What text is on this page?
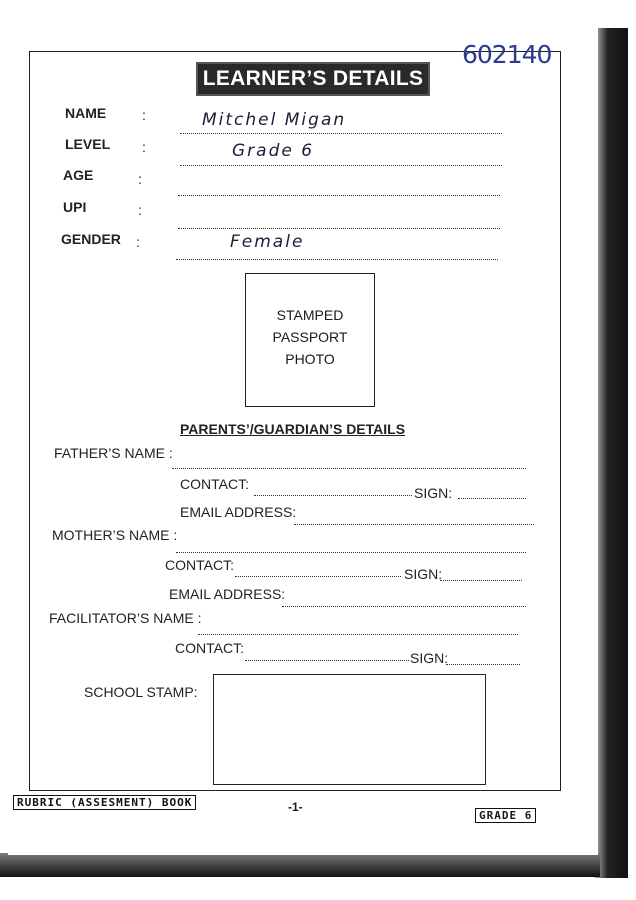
602140
LEARNER’S DETAILS
NAME	:	Mitchel Migan
LEVEL :	Grade 6
AGE	:
UPI	:
GENDER :	Female
STAMPED
PASSPORT
PHOTO
PARENTS’/GUARDIAN’S DETAILS
FATHER’S NAME :
CONTACT:
SIGN:
EMAIL ADDRESS:
MOTHER’S NAME :
CONTACT:
SIGN:
EMAIL ADDRESS:
FACILITATOR’S NAME :
CONTACT:
SIGN:
SCHOOL STAMP:
RUBRIC (ASSESMENT) BOOK	-1-
GRADE 6
